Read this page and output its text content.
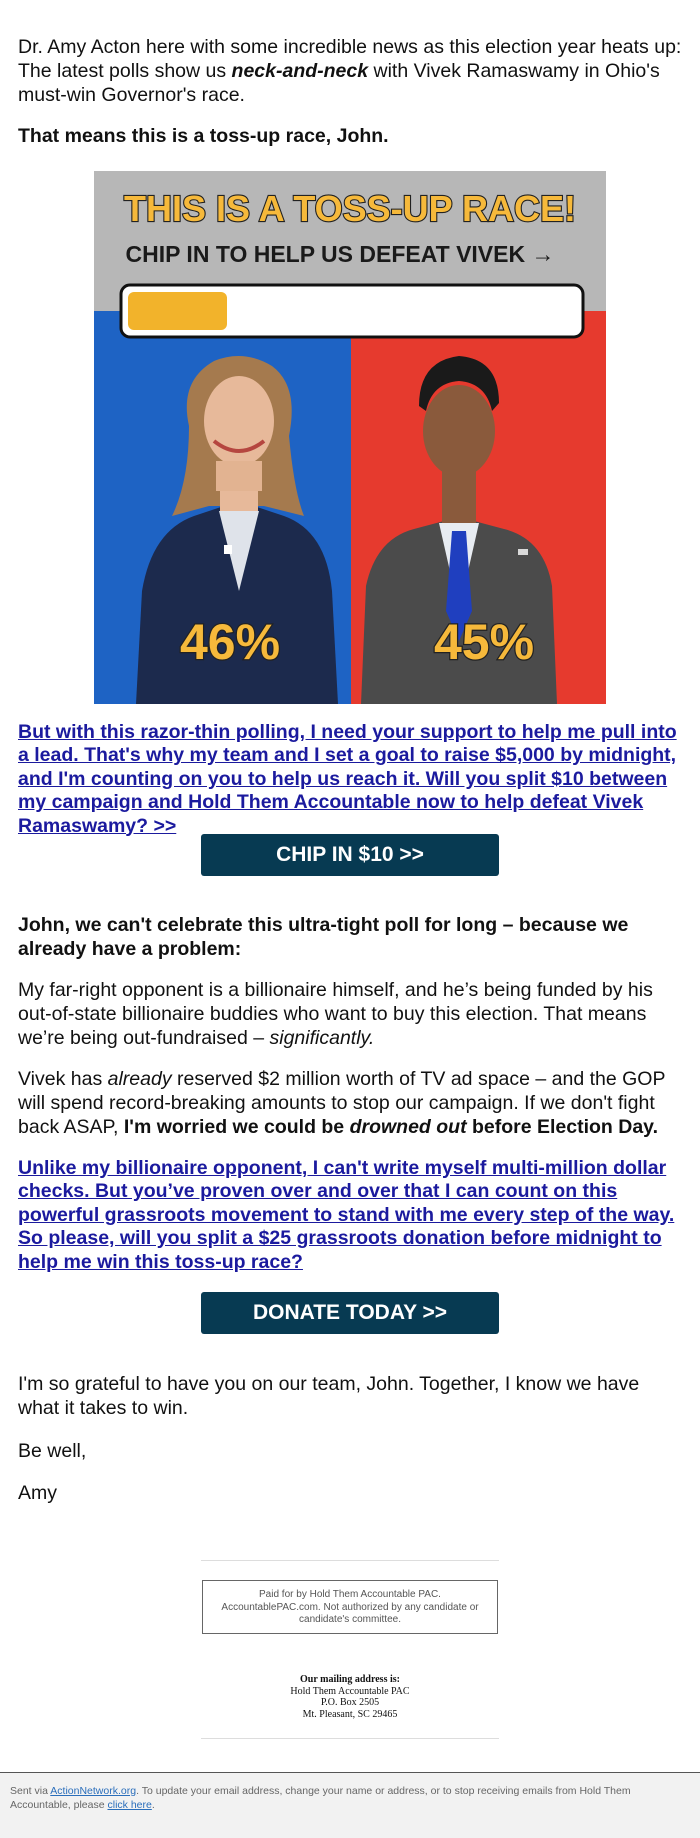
Dr. Amy Acton here with some incredible news as this election year heats up: The latest polls show us neck-and-neck with Vivek Ramaswamy in Ohio's must-win Governor's race.

That means this is a toss-up race, John.

THIS IS A TOSS-UP RACE!
CHIP IN TO HELP US DEFEAT VIVEK →
46%	45%

But with this razor-thin polling, I need your support to help me pull into a lead. That's why my team and I set a goal to raise $5,000 by midnight, and I'm counting on you to help us reach it. Will you split $10 between my campaign and Hold Them Accountable now to help defeat Vivek Ramaswamy? >>

CHIP IN $10 >>

John, we can't celebrate this ultra-tight poll for long – because we already have a problem:

My far-right opponent is a billionaire himself, and he’s being funded by his out-of-state billionaire buddies who want to buy this election. That means we’re being out-fundraised – significantly.

Vivek has already reserved $2 million worth of TV ad space – and the GOP will spend record-breaking amounts to stop our campaign. If we don't fight back ASAP, I'm worried we could be drowned out before Election Day.

Unlike my billionaire opponent, I can't write myself multi-million dollar checks. But you’ve proven over and over that I can count on this powerful grassroots movement to stand with me every step of the way. So please, will you split a $25 grassroots donation before midnight to help me win this toss-up race?

DONATE TODAY >>

I'm so grateful to have you on our team, John. Together, I know we have what it takes to win.

Be well,

Amy

Paid for by Hold Them Accountable PAC. AccountablePAC.com. Not authorized by any candidate or candidate's committee.
Our mailing address is:
Hold Them Accountable PAC
P.O. Box 2505
Mt. Pleasant, SC 29465
Sent via ActionNetwork.org. To update your email address, change your name or address, or to stop receiving emails from Hold Them Accountable, please click here.
